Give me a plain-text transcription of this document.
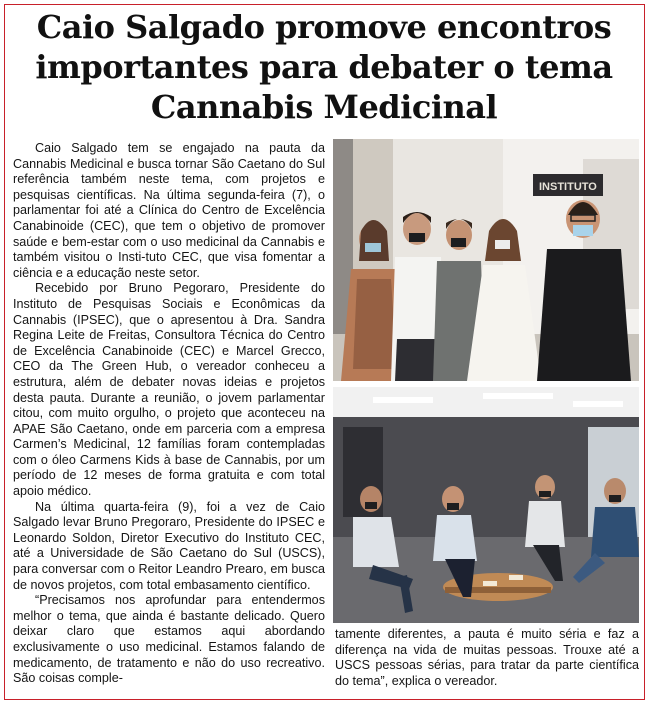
Caio Salgado promove encontros importantes para debater o tema Cannabis Medicinal

Caio Salgado tem se engajado na pauta da Cannabis Medicinal e busca tornar São Caetano do Sul referência também neste tema, com projetos e pesquisas científicas. Na última segunda-feira (7), o parlamentar foi até a Clínica do Centro de Excelência Canabinoide (CEC), que tem o objetivo de promover saúde e bem-estar com o uso medicinal da Cannabis e também visitou o Insti-tuto CEC, que visa fomentar a ciência e a educação neste setor.

Recebido por Bruno Pegoraro, Presidente do Instituto de Pesquisas Sociais e Econômicas da Cannabis (IPSEC), que o apresentou à Dra. Sandra Regina Leite de Freitas, Consultora Técnica do Centro de Excelência Canabinoide (CEC) e Marcel Grecco, CEO da The Green Hub, o vereador conheceu a estrutura, além de debater novas ideias e projetos desta pauta. Durante a reunião, o jovem parlamentar citou, com muito orgulho, o projeto que aconteceu na APAE São Caetano, onde em parceria com a empresa Carmen’s Medicinal, 12 famílias foram contempladas com o óleo Carmens Kids à base de Cannabis, por um período de 12 meses de forma gratuita e com total apoio médico.

Na última quarta-feira (9), foi a vez de Caio Salgado levar Bruno Pregoraro, Presidente do IPSEC e Leonardo Soldon, Diretor Executivo do Instituto CEC, até a Universidade de São Caetano do Sul (USCS), para conversar com o Reitor Leandro Prearo, em busca de novos projetos, com total embasamento científico.

“Precisamos nos aprofundar para entendermos melhor o tema, que ainda é bastante delicado. Quero deixar claro que estamos aqui abordando exclusivamente o uso medicinal. Estamos falando de medicamento, de tratamento e não do uso recreativo. São coisas comple-

INSTITUTO

tamente diferentes, a pauta é muito séria e faz a diferença na vida de muitas pessoas. Trouxe até a USCS pessoas sérias, para tratar da parte científica do tema”, explica o vereador.
